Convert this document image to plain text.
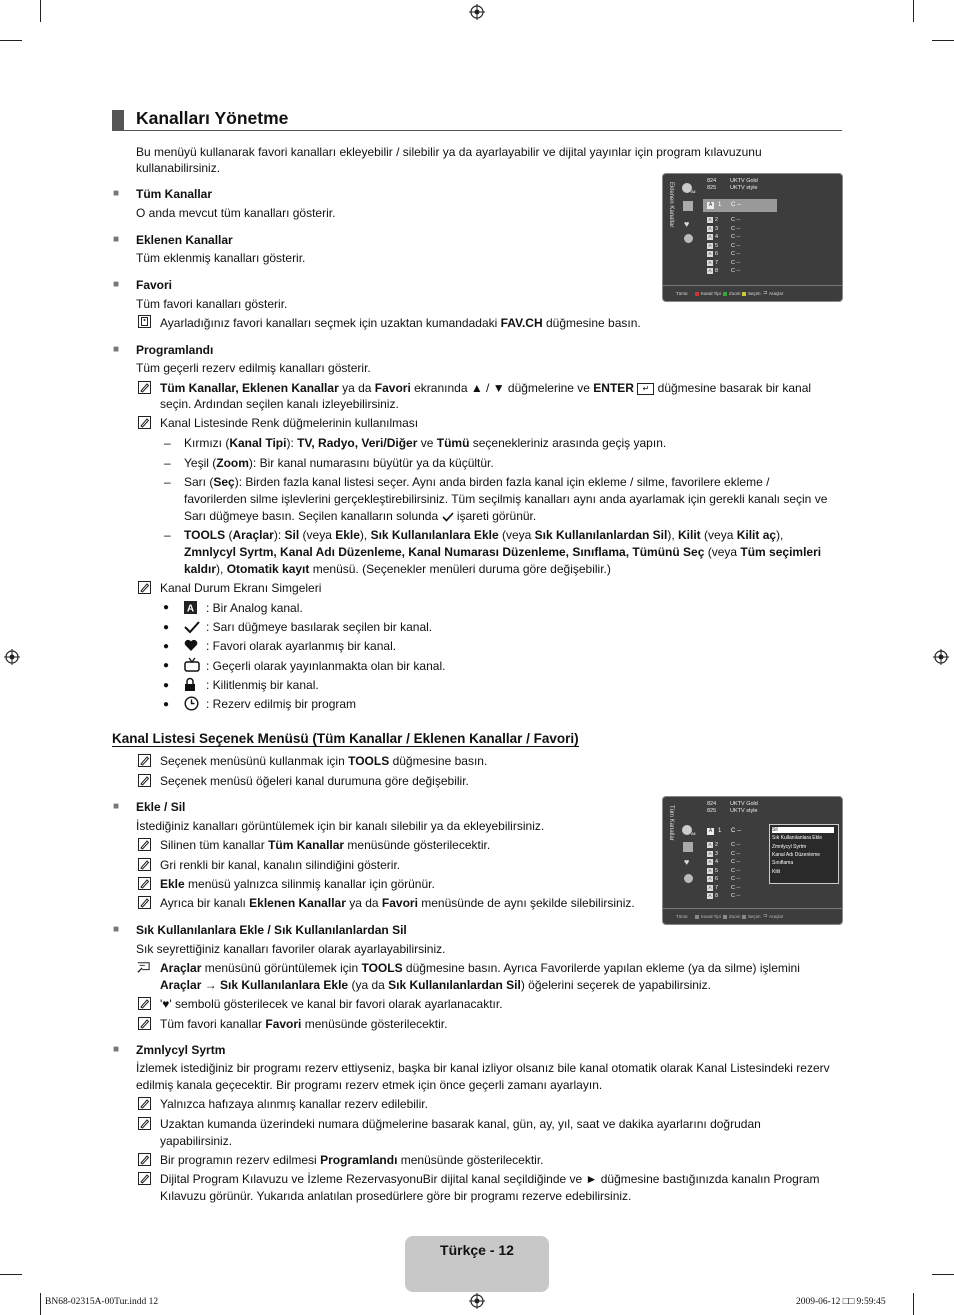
Kanalları Yönetme
Bu menüyü kullanarak favori kanalları ekleyebilir / silebilir ya da ayarlayabilir ve dijital yayınlar için program kılavuzunu
kullanabilirsiniz.
■ Tüm Kanallar
O anda mevcut tüm kanalları gösterir.
■ Eklenen Kanallar
Tüm eklenmiş kanalları gösterir.
■ Favori
Tüm favori kanalları gösterir.
Ayarladığınız favori kanalları seçmek için uzaktan kumandadaki FAV.CH düğmesine basın.
■ Programlandı
Tüm geçerli rezerv edilmiş kanalları gösterir.
Tüm Kanallar, Eklenen Kanallar ya da Favori ekranında ▲ / ▼ düğmelerine ve ENTER ↵ düğmesine basarak bir kanal
seçin. Ardından seçilen kanalı izleyebilirsiniz.
Kanal Listesinde Renk düğmelerinin kullanılması
– Kırmızı (Kanal Tipi): TV, Radyo, Veri/Diğer ve Tümü seçenekleriniz arasında geçiş yapın.
– Yeşil (Zoom): Bir kanal numarasını büyütür ya da küçültür.
– Sarı (Seç): Birden fazla kanal listesi seçer. Aynı anda birden fazla kanal için ekleme / silme, favorilere ekleme /
favorilerden silme işlevlerini gerçekleştirebilirsiniz. Tüm seçilmiş kanalları aynı anda ayarlamak için gerekli kanalı seçin ve
Sarı düğmeye basın. Seçilen kanalların solunda işareti görünür.
– TOOLS (Araçlar): Sil (veya Ekle), Sık Kullanılanlara Ekle (veya Sık Kullanılanlardan Sil), Kilit (veya Kilit aç),
Zmnlycyl Syrtm, Kanal Adı Düzenleme, Kanal Numarası Düzenleme, Sınıflama, Tümünü Seç (veya Tüm seçimleri
kaldır), Otomatik kayıt menüsü. (Seçenekler menüleri duruma göre değişebilir.)
Kanal Durum Ekranı Simgeleri
● A : Bir Analog kanal.
●	: Sarı düğmeye basılarak seçilen bir kanal.
●	: Favori olarak ayarlanmış bir kanal.
●	: Geçerli olarak yayınlanmakta olan bir kanal.
●	: Kilitlenmiş bir kanal.
●	: Rezerv edilmiş bir program
Eklenen Kanallar	All
♥
824	UKTV Gold
825	UKTV style
A 1 C --
A 2 C --
A 3 C --
A 4 C --
A 5 C --
A 6 C --
A 7 C --
A 8 C --
Tümü	Kanal Tipi Zoom Seçim ⊐ Araçlar
Kanal Listesi Seçenek Menüsü (Tüm Kanallar / Eklenen Kanallar / Favori)
Seçenek menüsünü kullanmak için TOOLS düğmesine basın.
Seçenek menüsü öğeleri kanal durumuna göre değişebilir.
■ Ekle / Sil
İstediğiniz kanalları görüntülemek için bir kanalı silebilir ya da ekleyebilirsiniz.
Silinen tüm kanallar Tüm Kanallar menüsünde gösterilecektir.
Gri renkli bir kanal, kanalın silindiğini gösterir.
Ekle menüsü yalnızca silinmiş kanallar için görünür.
Ayrıca bir kanalı Eklenen Kanallar ya da Favori menüsünde de aynı şekilde silebilirsiniz.
Tüm Kanallar	All
♥
824	UKTV Gold
825	UKTV style
A 1 C --
A 2 C --
A 3 C --
A 4 C --
A 5 C --
A 6 C --
A 7 C --
A 8 C --
Sil
Sık Kullanılanlara Ekle
Zmnlycyl Syrtm
Kanal Adı Düzenleme
Sınıflama
Kilit
Tümü	Kanal Tipi Zoom Seçim ⊐ Araçlar
■ Sık Kullanılanlara Ekle / Sık Kullanılanlardan Sil
Sık seyrettiğiniz kanalları favoriler olarak ayarlayabilirsiniz.
Araçlar menüsünü görüntülemek için TOOLS düğmesine basın. Ayrıca Favorilerde yapılan ekleme (ya da silme) işlemini
Araçlar → Sık Kullanılanlara Ekle (ya da Sık Kullanılanlardan Sil) öğelerini seçerek de yapabilirsiniz.
'♥' sembolü gösterilecek ve kanal bir favori olarak ayarlanacaktır.
Tüm favori kanallar Favori menüsünde gösterilecektir.
■ Zmnlycyl Syrtm
İzlemek istediğiniz bir programı rezerv ettiyseniz, başka bir kanal izliyor olsanız bile kanal otomatik olarak Kanal Listesindeki rezerv
edilmiş kanala geçecektir. Bir programı rezerv etmek için önce geçerli zamanı ayarlayın.
Yalnızca hafızaya alınmış kanallar rezerv edilebilir.
Uzaktan kumanda üzerindeki numara düğmelerine basarak kanal, gün, ay, yıl, saat ve dakika ayarlarını doğrudan
yapabilirsiniz.
Bir programın rezerv edilmesi Programlandı menüsünde gösterilecektir.
Dijital Program Kılavuzu ve İzleme RezervasyonuBir dijital kanal seçildiğinde ve ► düğmesine bastığınızda kanalın Program
Kılavuzu görünür. Yukarıda anlatılan prosedürlere göre bir programı rezerve edebilirsiniz.
Türkçe - 12
BN68-02315A-00Tur.indd 12	2009-06-12 □□ 9:59:45
